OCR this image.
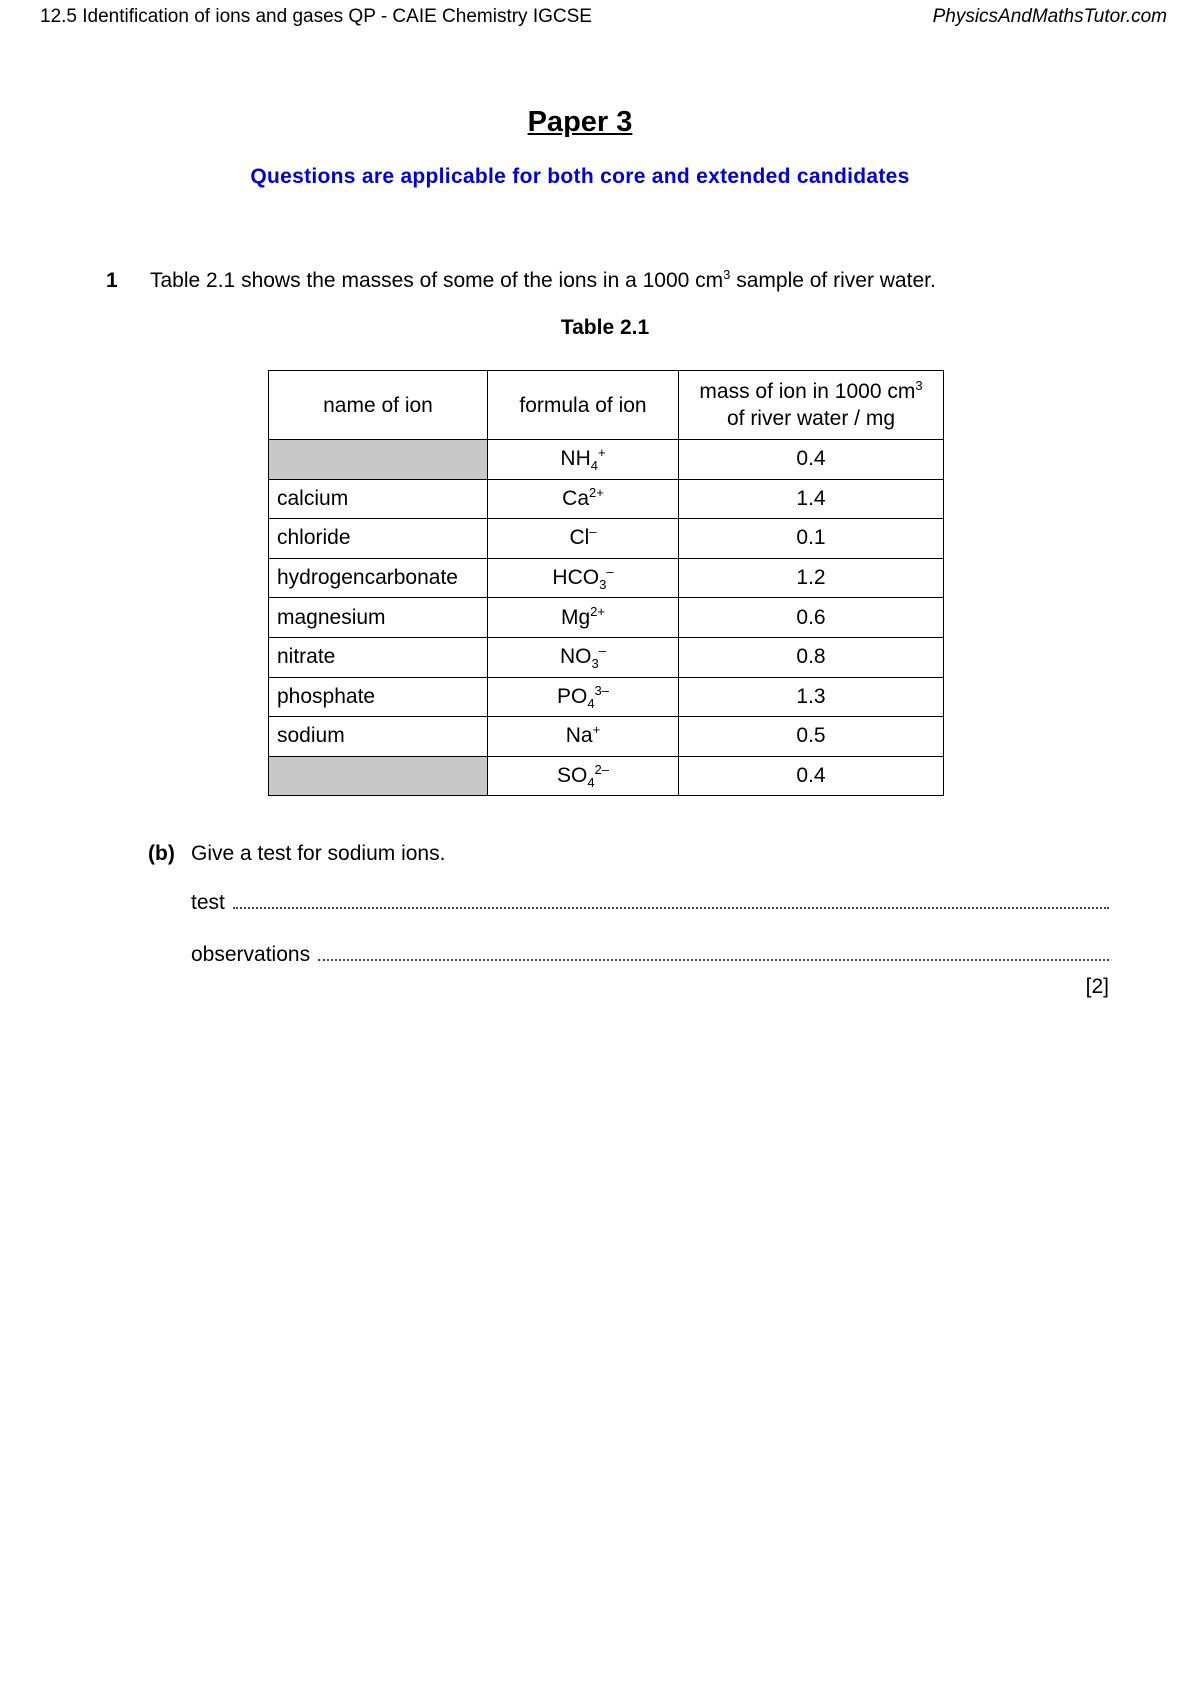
12.5 Identification of ions and gases QP - CAIE Chemistry IGCSE	PhysicsAndMathsTutor.com
Paper 3
Questions are applicable for both core and extended candidates
1 Table 2.1 shows the masses of some of the ions in a 1000 $cm^3$ sample of river water.
Table 2.1
name of ion	formula of ion	mass of ion in 1000 $cm^3$
of river water / mg
	$NH_4^+$	0.4
calcium	$Ca^{2+}$	1.4
chloride	Cl–	0.1
hydrogencarbonate	$HCO_3^-$	1.2
magnesium	$Mg^{2+}$	0.6
nitrate	$NO_3^-$	0.8
phosphate	$PO_4^{3-}$	1.3
sodium	Na+	0.5
	$SO_4^{2-}$	0.4
(b) Give a test for sodium ions.
test
observations
[2]
